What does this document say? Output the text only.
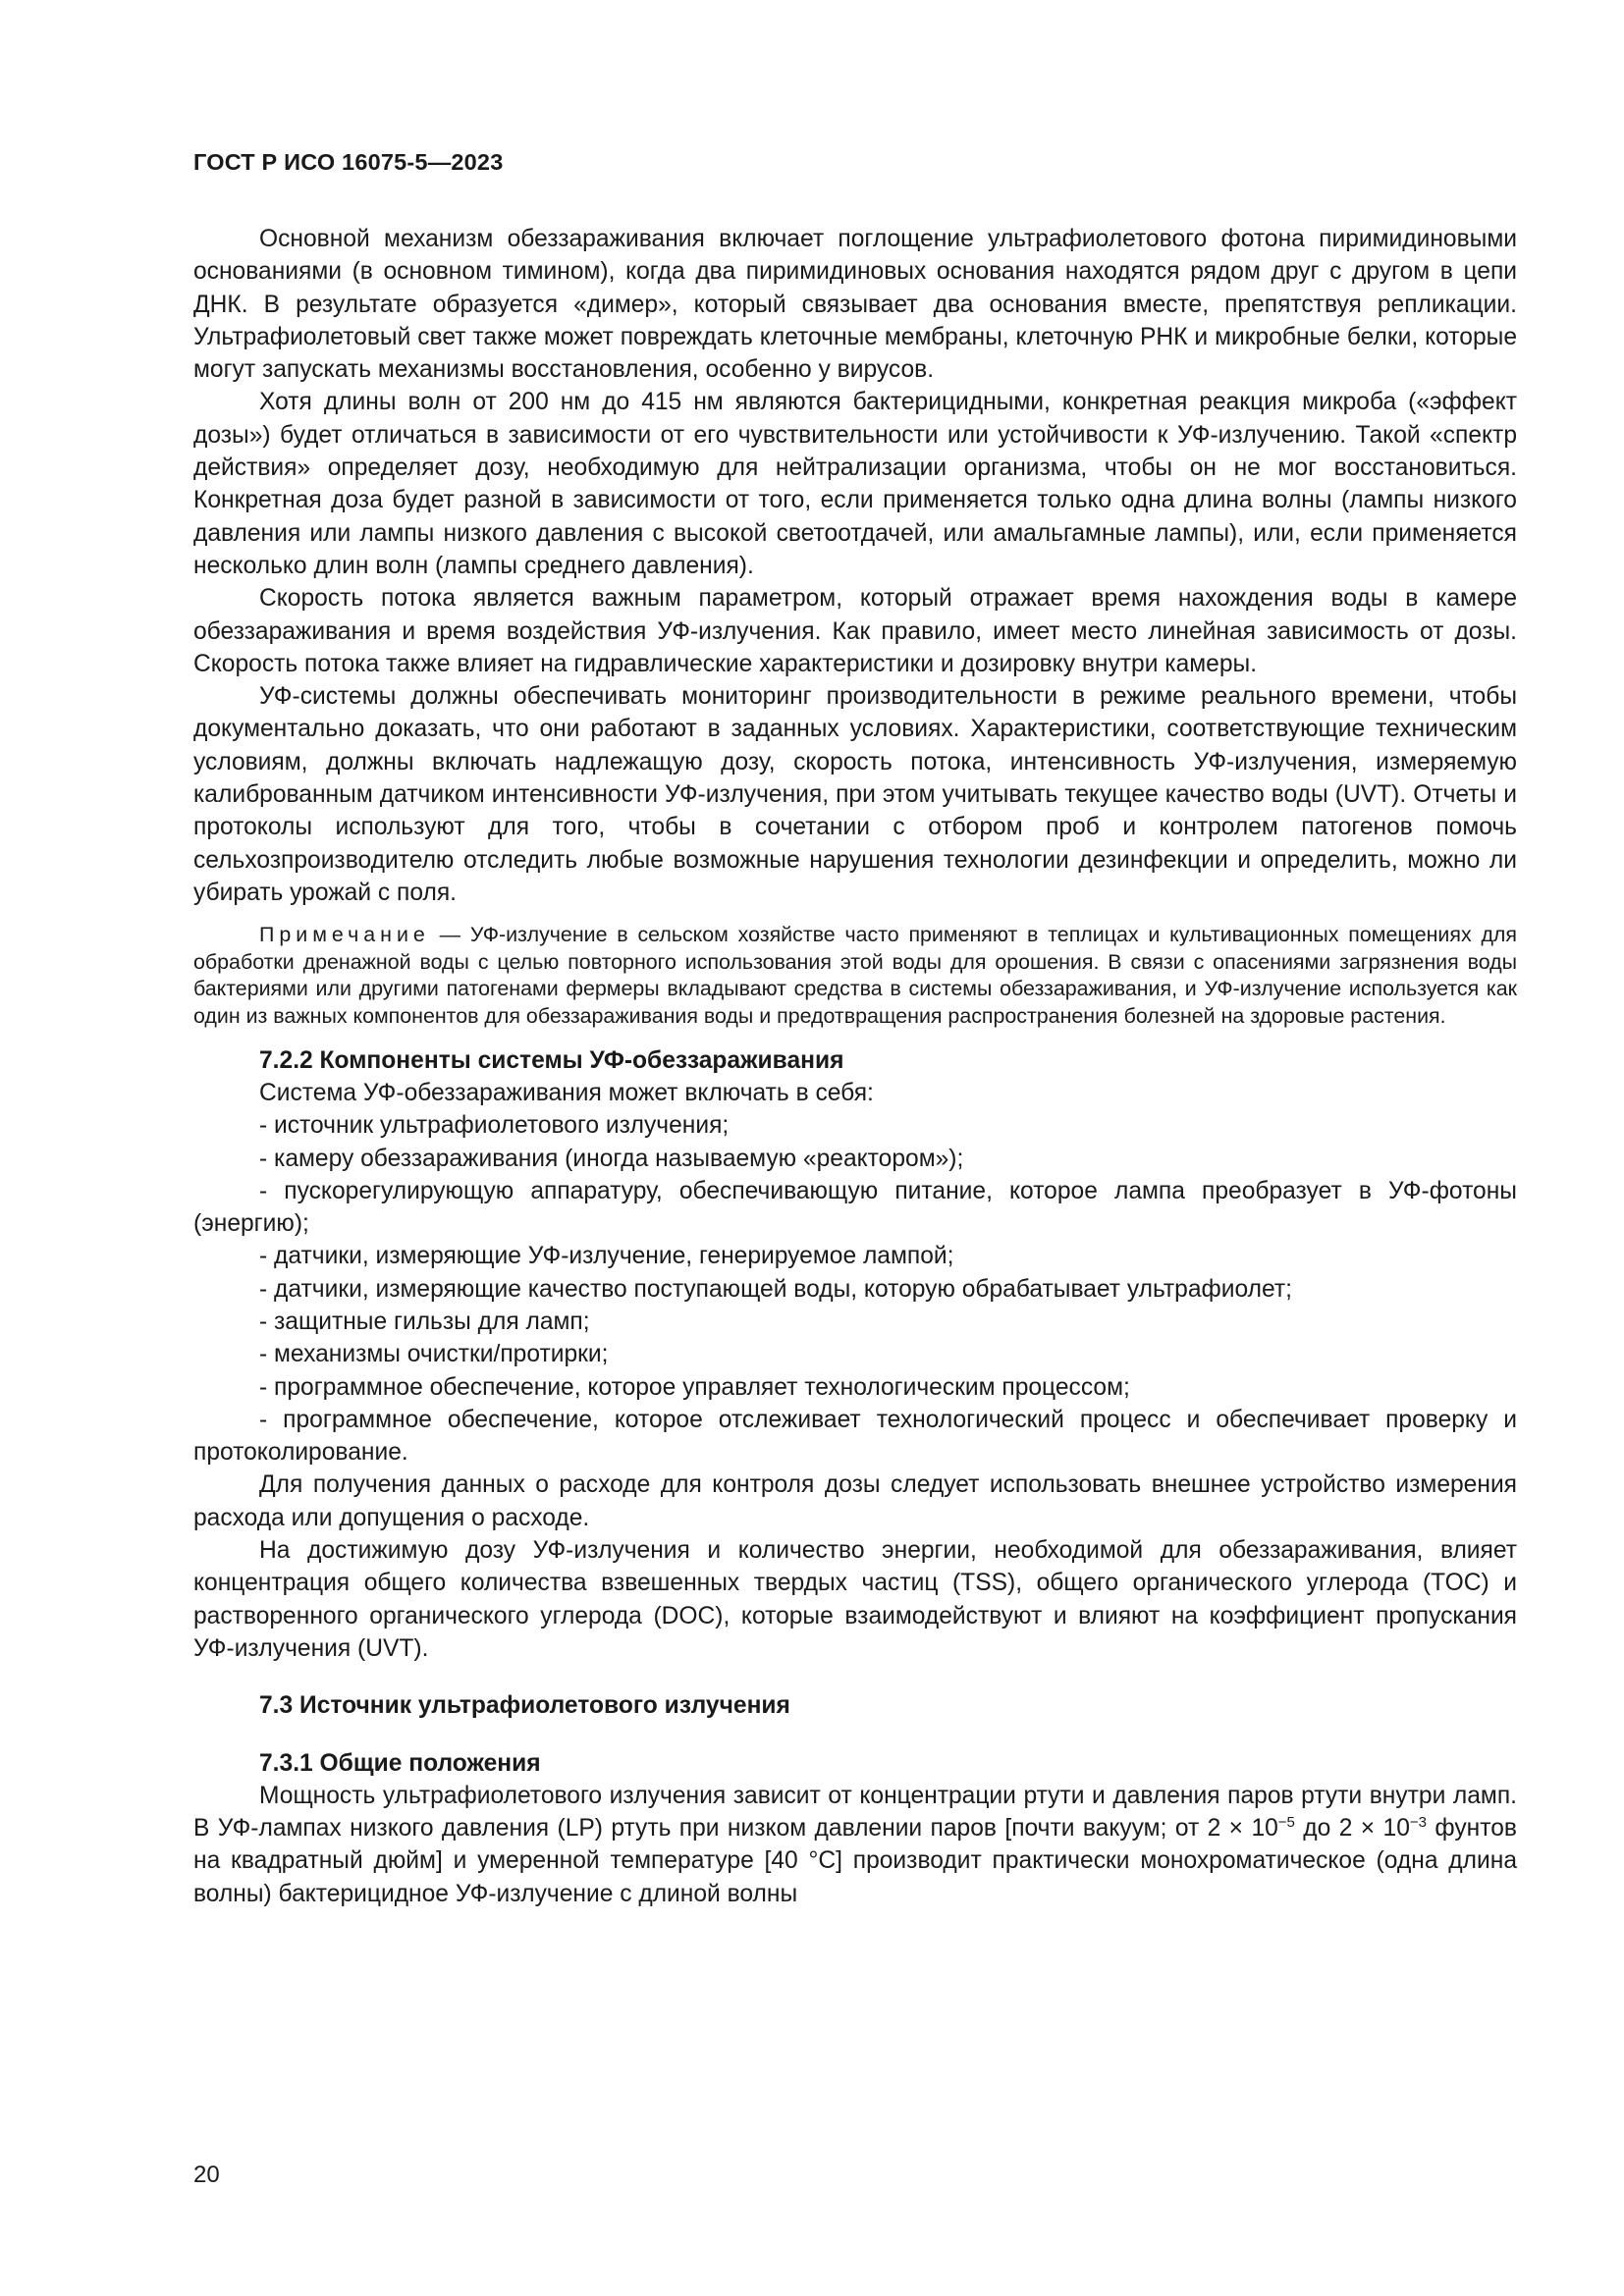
ГОСТ Р ИСО 16075-5—2023

Основной механизм обеззараживания включает поглощение ультрафиолетового фотона пиримидиновыми основаниями (в основном тимином), когда два пиримидиновых основания находятся рядом друг с другом в цепи ДНК. В результате образуется «димер», который связывает два основания вместе, препятствуя репликации. Ультрафиолетовый свет также может повреждать клеточные мембраны, клеточную РНК и микробные белки, которые могут запускать механизмы восстановления, особенно у вирусов.

Хотя длины волн от 200 нм до 415 нм являются бактерицидными, конкретная реакция микроба («эффект дозы») будет отличаться в зависимости от его чувствительности или устойчивости к УФ-излучению. Такой «спектр действия» определяет дозу, необходимую для нейтрализации организма, чтобы он не мог восстановиться. Конкретная доза будет разной в зависимости от того, если применяется только одна длина волны (лампы низкого давления или лампы низкого давления с высокой светоотдачей, или амальгамные лампы), или, если применяется несколько длин волн (лампы среднего давления).

Скорость потока является важным параметром, который отражает время нахождения воды в камере обеззараживания и время воздействия УФ-излучения. Как правило, имеет место линейная зависимость от дозы. Скорость потока также влияет на гидравлические характеристики и дозировку внутри камеры.

УФ-системы должны обеспечивать мониторинг производительности в режиме реального времени, чтобы документально доказать, что они работают в заданных условиях. Характеристики, соответствующие техническим условиям, должны включать надлежащую дозу, скорость потока, интенсивность УФ-излучения, измеряемую калиброванным датчиком интенсивности УФ-излучения, при этом учитывать текущее качество воды (UVT). Отчеты и протоколы используют для того, чтобы в сочетании с отбором проб и контролем патогенов помочь сельхозпроизводителю отследить любые возможные нарушения технологии дезинфекции и определить, можно ли убирать урожай с поля.

Примечание — УФ-излучение в сельском хозяйстве часто применяют в теплицах и культивационных помещениях для обработки дренажной воды с целью повторного использования этой воды для орошения. В связи с опасениями загрязнения воды бактериями или другими патогенами фермеры вкладывают средства в системы обеззараживания, и УФ-излучение используется как один из важных компонентов для обеззараживания воды и предотвращения распространения болезней на здоровые растения.

7.2.2 Компоненты системы УФ-обеззараживания

Система УФ-обеззараживания может включать в себя:

- источник ультрафиолетового излучения;

- камеру обеззараживания (иногда называемую «реактором»);

- пускорегулирующую аппаратуру, обеспечивающую питание, которое лампа преобразует в УФ-фотоны (энергию);

- датчики, измеряющие УФ-излучение, генерируемое лампой;

- датчики, измеряющие качество поступающей воды, которую обрабатывает ультрафиолет;

- защитные гильзы для ламп;

- механизмы очистки/протирки;

- программное обеспечение, которое управляет технологическим процессом;

- программное обеспечение, которое отслеживает технологический процесс и обеспечивает проверку и протоколирование.

Для получения данных о расходе для контроля дозы следует использовать внешнее устройство измерения расхода или допущения о расходе.

На достижимую дозу УФ-излучения и количество энергии, необходимой для обеззараживания, влияет концентрация общего количества взвешенных твердых частиц (TSS), общего органического углерода (TOC) и растворенного органического углерода (DOC), которые взаимодействуют и влияют на коэффициент пропускания УФ-излучения (UVT).

7.3 Источник ультрафиолетового излучения
7.3.1 Общие положения

Мощность ультрафиолетового излучения зависит от концентрации ртути и давления паров ртути внутри ламп. В УФ-лампах низкого давления (LP) ртуть при низком давлении паров [почти вакуум; от $2 \times 10^{-5}$ до $2 \times 10^{-3}$ фунтов на квадратный дюйм] и умеренной температуре [40 °C] производит практически монохроматическое (одна длина волны) бактерицидное УФ-излучение с длиной волны

20
